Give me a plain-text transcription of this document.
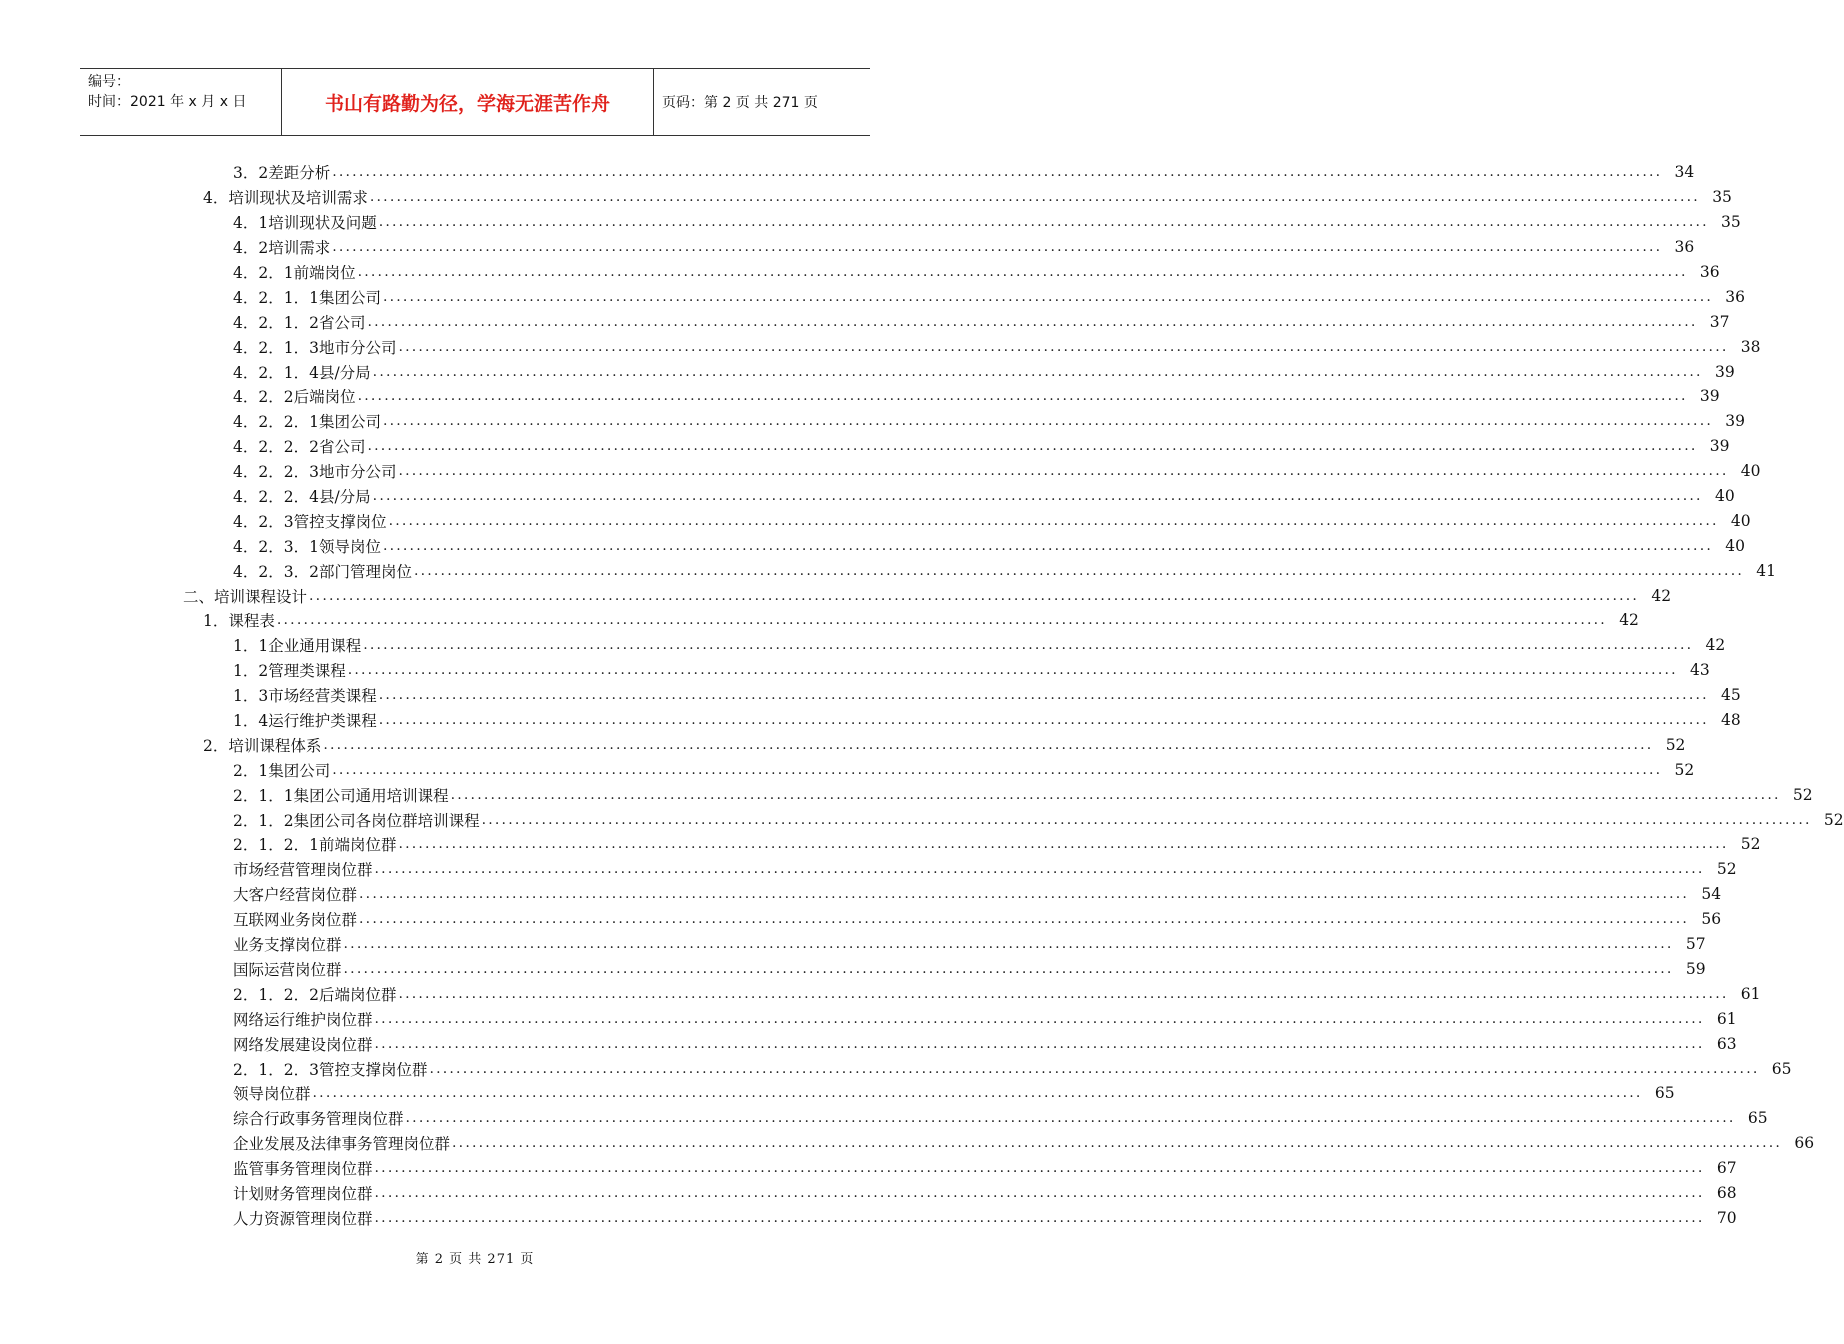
编号：
时间：2021 年 x 月 x 日	书山有路勤为径，学海无涯苦作舟	页码：第 2 页 共 271 页
3．2差距分析 ........................................................................................................................................................................................................ 34
4．培训现状及培训需求 ........................................................................................................................................................................................................ 35
4．1培训现状及问题 ........................................................................................................................................................................................................ 35
4．2培训需求 ........................................................................................................................................................................................................ 36
4．2．1前端岗位 ........................................................................................................................................................................................................ 36
4．2．1．1集团公司 ........................................................................................................................................................................................................ 36
4．2．1．2省公司 ........................................................................................................................................................................................................ 37
4．2．1．3地市分公司 ........................................................................................................................................................................................................ 38
4．2．1．4县/分局 ........................................................................................................................................................................................................ 39
4．2．2后端岗位 ........................................................................................................................................................................................................ 39
4．2．2．1集团公司 ........................................................................................................................................................................................................ 39
4．2．2．2省公司 ........................................................................................................................................................................................................ 39
4．2．2．3地市分公司 ........................................................................................................................................................................................................ 40
4．2．2．4县/分局 ........................................................................................................................................................................................................ 40
4．2．3管控支撑岗位 ........................................................................................................................................................................................................ 40
4．2．3．1领导岗位 ........................................................................................................................................................................................................ 40
4．2．3．2部门管理岗位 ........................................................................................................................................................................................................ 41
二、培训课程设计 ........................................................................................................................................................................................................ 42
1．课程表 ........................................................................................................................................................................................................ 42
1．1企业通用课程 ........................................................................................................................................................................................................ 42
1．2管理类课程 ........................................................................................................................................................................................................ 43
1．3市场经营类课程 ........................................................................................................................................................................................................ 45
1．4运行维护类课程 ........................................................................................................................................................................................................ 48
2．培训课程体系 ........................................................................................................................................................................................................ 52
2．1集团公司 ........................................................................................................................................................................................................ 52
2．1．1集团公司通用培训课程 ........................................................................................................................................................................................................ 52
2．1．2集团公司各岗位群培训课程 ........................................................................................................................................................................................................ 52
2．1．2．1前端岗位群 ........................................................................................................................................................................................................ 52
市场经营管理岗位群 ........................................................................................................................................................................................................ 52
大客户经营岗位群 ........................................................................................................................................................................................................ 54
互联网业务岗位群 ........................................................................................................................................................................................................ 56
业务支撑岗位群 ........................................................................................................................................................................................................ 57
国际运营岗位群 ........................................................................................................................................................................................................ 59
2．1．2．2后端岗位群 ........................................................................................................................................................................................................ 61
网络运行维护岗位群 ........................................................................................................................................................................................................ 61
网络发展建设岗位群 ........................................................................................................................................................................................................ 63
2．1．2．3管控支撑岗位群 ........................................................................................................................................................................................................ 65
领导岗位群 ........................................................................................................................................................................................................ 65
综合行政事务管理岗位群 ........................................................................................................................................................................................................ 65
企业发展及法律事务管理岗位群 ........................................................................................................................................................................................................ 66
监管事务管理岗位群 ........................................................................................................................................................................................................ 67
计划财务管理岗位群 ........................................................................................................................................................................................................ 68
人力资源管理岗位群 ........................................................................................................................................................................................................ 70
第 2 页 共 271 页
